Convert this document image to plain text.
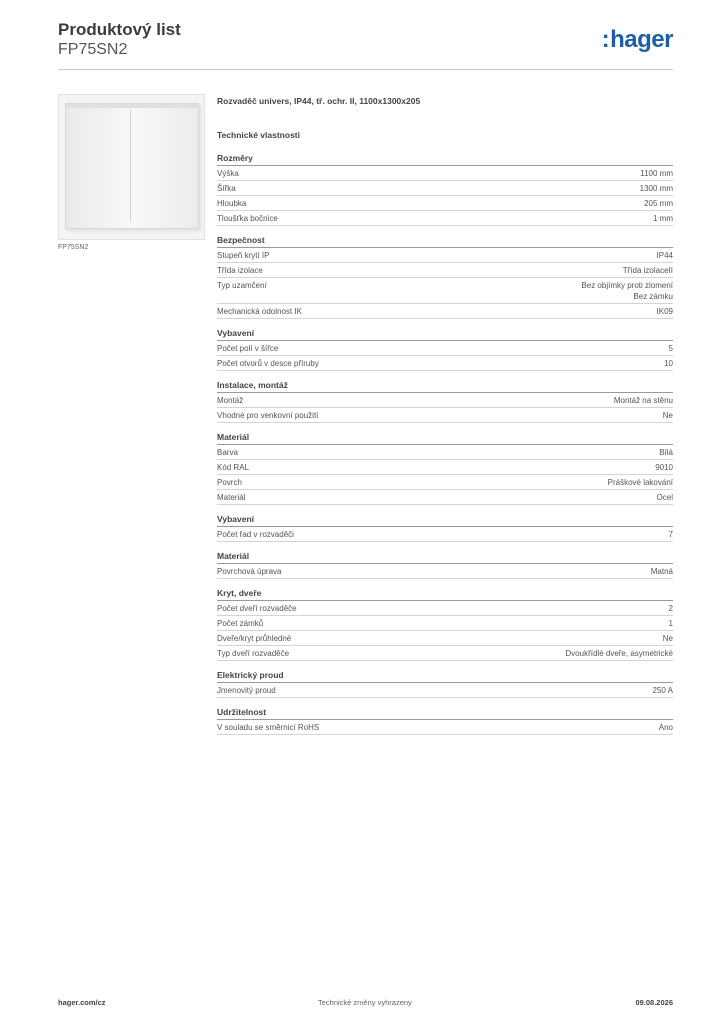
Produktový list
FP75SN2	:hager
FP75SN2
Rozvaděč univers, IP44, tř. ochr. II, 1100x1300x205
Technické vlastnosti
Rozměry
Výška	1100 mm
Šířka	1300 mm
Hloubka	205 mm
Tloušťka bočnice	1 mm
Bezpečnost
Stupeň krytí IP	IP44
Třída izolace	Třída izolaceII
Typ uzamčení	Bez objímky proti zlomení
Bez zámku
Mechanická odolnost IK	IK09
Vybavení
Počet polí v šířce	5
Počet otvorů v desce příruby	10
Instalace, montáž
Montáž	Montáž na stěnu
Vhodné pro venkovní použití	Ne
Materiál
Barva	Bílá
Kód RAL	9010
Povrch	Práškové lakování
Materiál	Ocel
Vybavení
Počet řad v rozvaděči	7
Materiál
Povrchová úprava	Matná
Kryt, dveře
Počet dveří rozvaděče	2
Počet zámků	1
Dveře/kryt průhledné	Ne
Typ dveří rozvaděče	Dvoukřídlé dveře, asymetrické
Elektrický proud
Jmenovitý proud	250 A
Udržitelnost
V souladu se směrnicí RoHS	Ano
hager.com/cz	Technické změny vyhrazeny	09.08.2026
